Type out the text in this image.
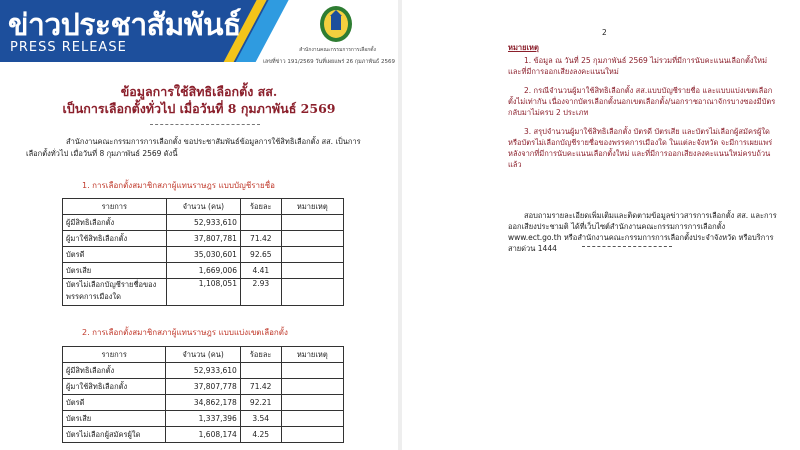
ข่าวประชาสัมพันธ์
PRESS RELEASE	สำนักงานคณะกรรมการการเลือกตั้ง
เลขที่ข่าว 191/2569 วันที่เผยแพร่ 26 กุมภาพันธ์ 2569
ข้อมูลการใช้สิทธิเลือกตั้ง สส.
เป็นการเลือกตั้งทั่วไป เมื่อวันที่ 8 กุมภาพันธ์ 2569
สำนักงานคณะกรรมการการเลือกตั้ง ขอประชาสัมพันธ์ข้อมูลการใช้สิทธิเลือกตั้ง สส. เป็นการเลือกตั้งทั่วไป เมื่อวันที่ 8 กุมภาพันธ์ 2569 ดังนี้
1. การเลือกตั้งสมาชิกสภาผู้แทนราษฎร แบบบัญชีรายชื่อ
รายการ	จำนวน (คน)	ร้อยละ	หมายเหตุ
ผู้มีสิทธิเลือกตั้ง	52,933,610		
ผู้มาใช้สิทธิเลือกตั้ง	37,807,781	71.42	
บัตรดี	35,030,601	92.65	
บัตรเสีย	1,669,006	4.41	
บัตรไม่เลือกบัญชีรายชื่อของพรรคการเมืองใด	1,108,051	2.93	
2. การเลือกตั้งสมาชิกสภาผู้แทนราษฎร แบบแบ่งเขตเลือกตั้ง
รายการ	จำนวน (คน)	ร้อยละ	หมายเหตุ
ผู้มีสิทธิเลือกตั้ง	52,933,610		
ผู้มาใช้สิทธิเลือกตั้ง	37,807,778	71.42	
บัตรดี	34,862,178	92.21	
บัตรเสีย	1,337,396	3.54	
บัตรไม่เลือกผู้สมัครผู้ใด	1,608,174	4.25	
2
หมายเหตุ

1. ข้อมูล ณ วันที่ 25 กุมภาพันธ์ 2569 ไม่รวมที่มีการนับคะแนนเลือกตั้งใหม่ และที่มีการออกเสียงลงคะแนนใหม่

2. กรณีจำนวนผู้มาใช้สิทธิเลือกตั้ง สส.แบบบัญชีรายชื่อ และแบบแบ่งเขตเลือกตั้งไม่เท่ากัน เนื่องจากบัตรเลือกตั้งนอกเขตเลือกตั้ง/นอกราชอาณาจักรบางซองมีบัตรกลับมาไม่ครบ 2 ประเภท

3. สรุปจำนวนผู้มาใช้สิทธิเลือกตั้ง บัตรดี บัตรเสีย และบัตรไม่เลือกผู้สมัครผู้ใด หรือบัตรไม่เลือกบัญชีรายชื่อของพรรคการเมืองใด ในแต่ละจังหวัด จะมีการเผยแพร่หลังจากที่มีการนับคะแนนเลือกตั้งใหม่ และที่มีการออกเสียงลงคะแนนใหม่ครบถ้วนแล้ว

สอบถามรายละเอียดเพิ่มเติมและติดตามข้อมูลข่าวสารการเลือกตั้ง สส. และการออกเสียงประชามติ ได้ที่เว็บไซต์สำนักงานคณะกรรมการการเลือกตั้ง www.ect.go.th หรือสำนักงานคณะกรรมการการเลือกตั้งประจำจังหวัด หรือบริการสายด่วน 1444
